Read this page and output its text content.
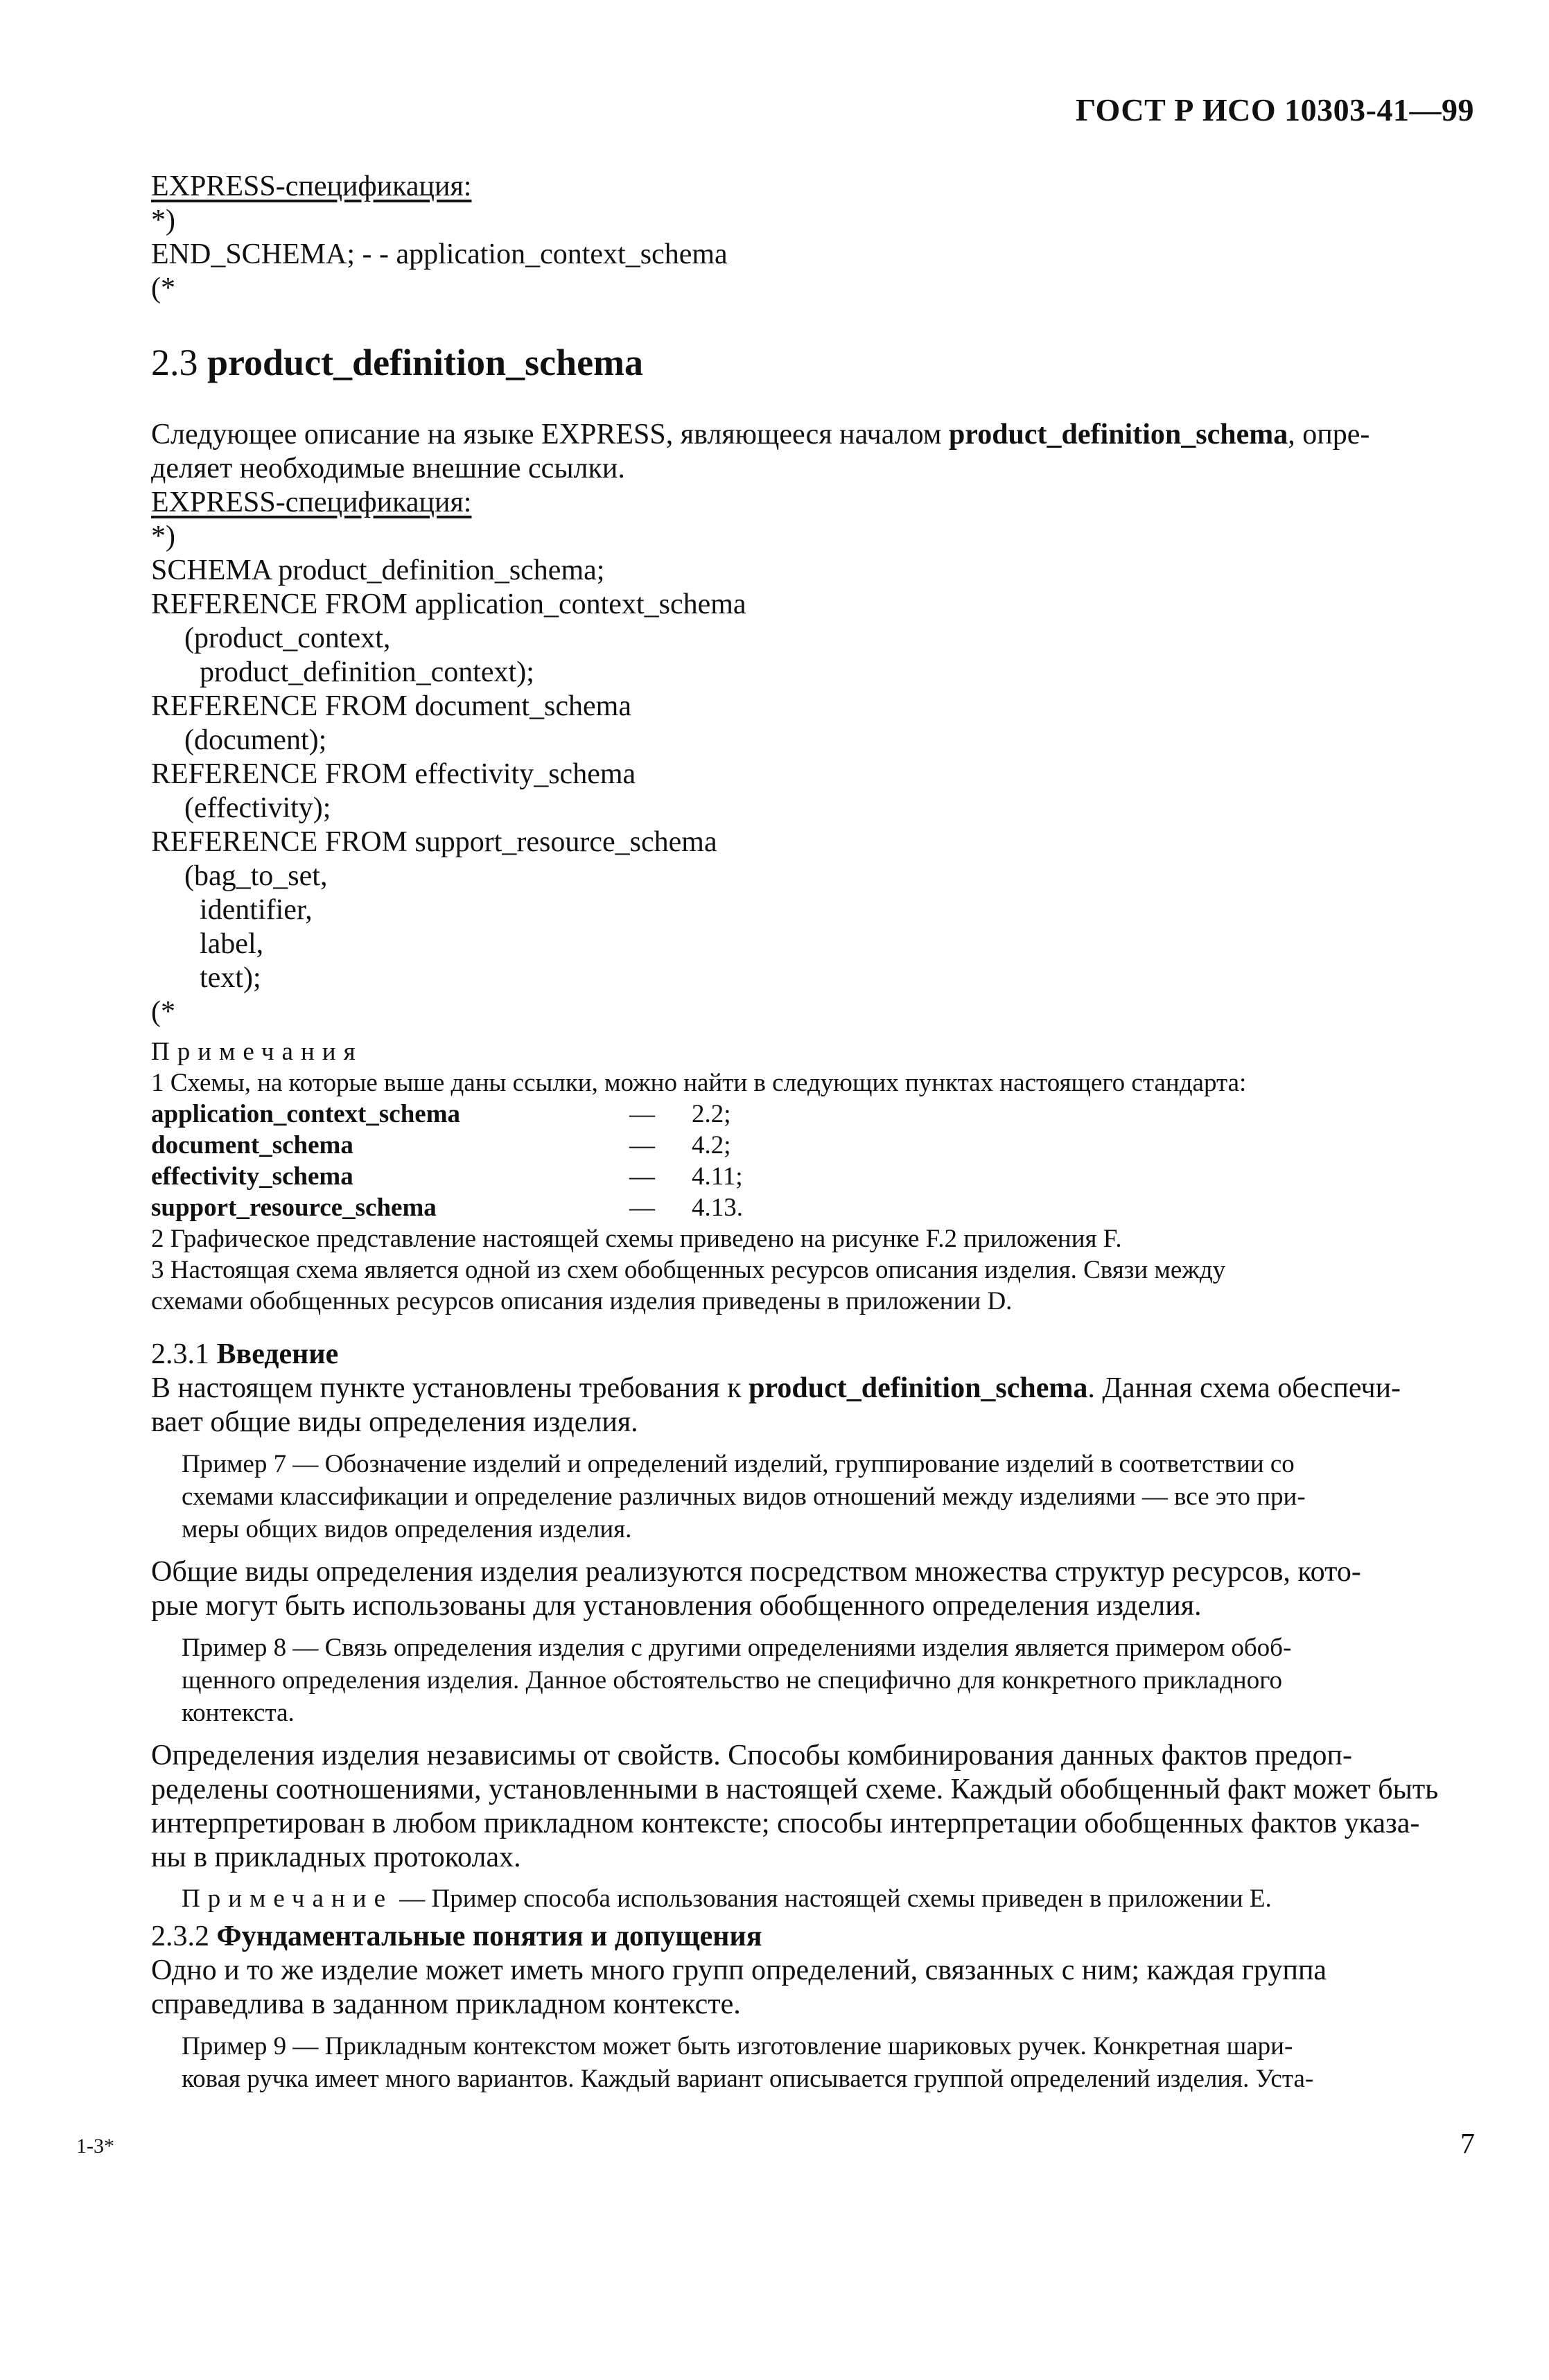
ГОСТ Р ИСО 10303-41—99

EXPRESS-спецификация:

*)

END_SCHEMA; - - application_context_schema

(*

2.3 product_definition_schema

Следующее описание на языке EXPRESS, являющееся началом product_definition_schema, опре-

деляет необходимые внешние ссылки.

EXPRESS-спецификация:

*)

SCHEMA product_definition_schema;

REFERENCE FROM application_context_schema

(product_context,

product_definition_context);

REFERENCE FROM document_schema

(document);

REFERENCE FROM effectivity_schema

(effectivity);

REFERENCE FROM support_resource_schema

(bag_to_set,

identifier,

label,

text);

(*

Примечания

1 Схемы, на которые выше даны ссылки, можно найти в следующих пунктах настоящего стандарта:

application_context_schema	—	2.2;
document_schema	—	4.2;
effectivity_schema	—	4.11;
support_resource_schema	—	4.13.

2 Графическое представление настоящей схемы приведено на рисунке F.2 приложения F.

3 Настоящая схема является одной из схем обобщенных ресурсов описания изделия. Связи между

схемами обобщенных ресурсов описания изделия приведены в приложении D.

2.3.1 Введение

В настоящем пункте установлены требования к product_definition_schema. Данная схема обеспечи-

вает общие виды определения изделия.

Пример 7 — Обозначение изделий и определений изделий, группирование изделий в соответствии со

схемами классификации и определение различных видов отношений между изделиями — все это при-

меры общих видов определения изделия.

Общие виды определения изделия реализуются посредством множества структур ресурсов, кото-

рые могут быть использованы для установления обобщенного определения изделия.

Пример 8 — Связь определения изделия с другими определениями изделия является примером обоб-

щенного определения изделия. Данное обстоятельство не специфично для конкретного прикладного

контекста.

Определения изделия независимы от свойств. Способы комбинирования данных фактов предоп-

ределены соотношениями, установленными в настоящей схеме. Каждый обобщенный факт может быть

интерпретирован в любом прикладном контексте; способы интерпретации обобщенных фактов указа-

ны в прикладных протоколах.

Примечание — Пример способа использования настоящей схемы приведен в приложении Е.

2.3.2 Фундаментальные понятия и допущения

Одно и то же изделие может иметь много групп определений, связанных с ним; каждая группа

справедлива в заданном прикладном контексте.

Пример 9 — Прикладным контекстом может быть изготовление шариковых ручек. Конкретная шари-

ковая ручка имеет много вариантов. Каждый вариант описывается группой определений изделия. Уста-

1-3*	7
